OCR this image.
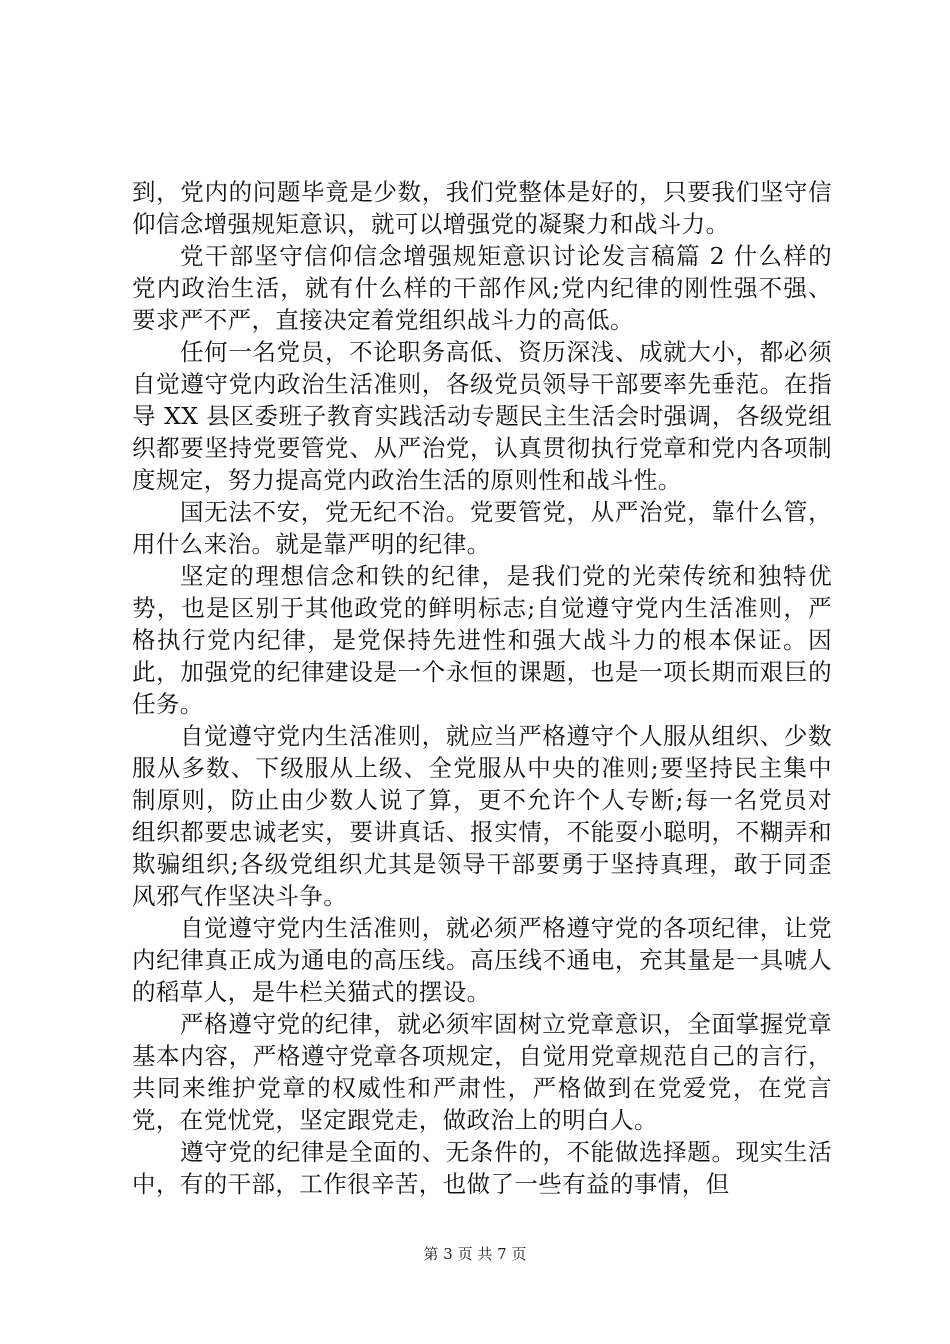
到，党内的问题毕竟是少数，我们党整体是好的，只要我们坚守信仰信念增强规矩意识，就可以增强党的凝聚力和战斗力。

党干部坚守信仰信念增强规矩意识讨论发言稿篇 2 什么样的党内政治生活，就有什么样的干部作风;党内纪律的刚性强不强、要求严不严，直接决定着党组织战斗力的高低。

任何一名党员，不论职务高低、资历深浅、成就大小，都必须自觉遵守党内政治生活准则，各级党员领导干部要率先垂范。在指导 XX 县区委班子教育实践活动专题民主生活会时强调，各级党组织都要坚持党要管党、从严治党，认真贯彻执行党章和党内各项制度规定，努力提高党内政治生活的原则性和战斗性。

国无法不安，党无纪不治。党要管党，从严治党，靠什么管，用什么来治。就是靠严明的纪律。

坚定的理想信念和铁的纪律，是我们党的光荣传统和独特优势，也是区别于其他政党的鲜明标志;自觉遵守党内生活准则，严格执行党内纪律，是党保持先进性和强大战斗力的根本保证。因此，加强党的纪律建设是一个永恒的课题，也是一项长期而艰巨的任务。

自觉遵守党内生活准则，就应当严格遵守个人服从组织、少数服从多数、下级服从上级、全党服从中央的准则;要坚持民主集中制原则，防止由少数人说了算，更不允许个人专断;每一名党员对组织都要忠诚老实，要讲真话、报实情，不能耍小聪明，不糊弄和欺骗组织;各级党组织尤其是领导干部要勇于坚持真理，敢于同歪风邪气作坚决斗争。

自觉遵守党内生活准则，就必须严格遵守党的各项纪律，让党内纪律真正成为通电的高压线。高压线不通电，充其量是一具唬人的稻草人，是牛栏关猫式的摆设。

严格遵守党的纪律，就必须牢固树立党章意识，全面掌握党章基本内容，严格遵守党章各项规定，自觉用党章规范自己的言行，共同来维护党章的权威性和严肃性，严格做到在党爱党，在党言党，在党忧党，坚定跟党走，做政治上的明白人。

遵守党的纪律是全面的、无条件的，不能做选择题。现实生活中，有的干部，工作很辛苦，也做了一些有益的事情，但

第 3 页 共 7 页
